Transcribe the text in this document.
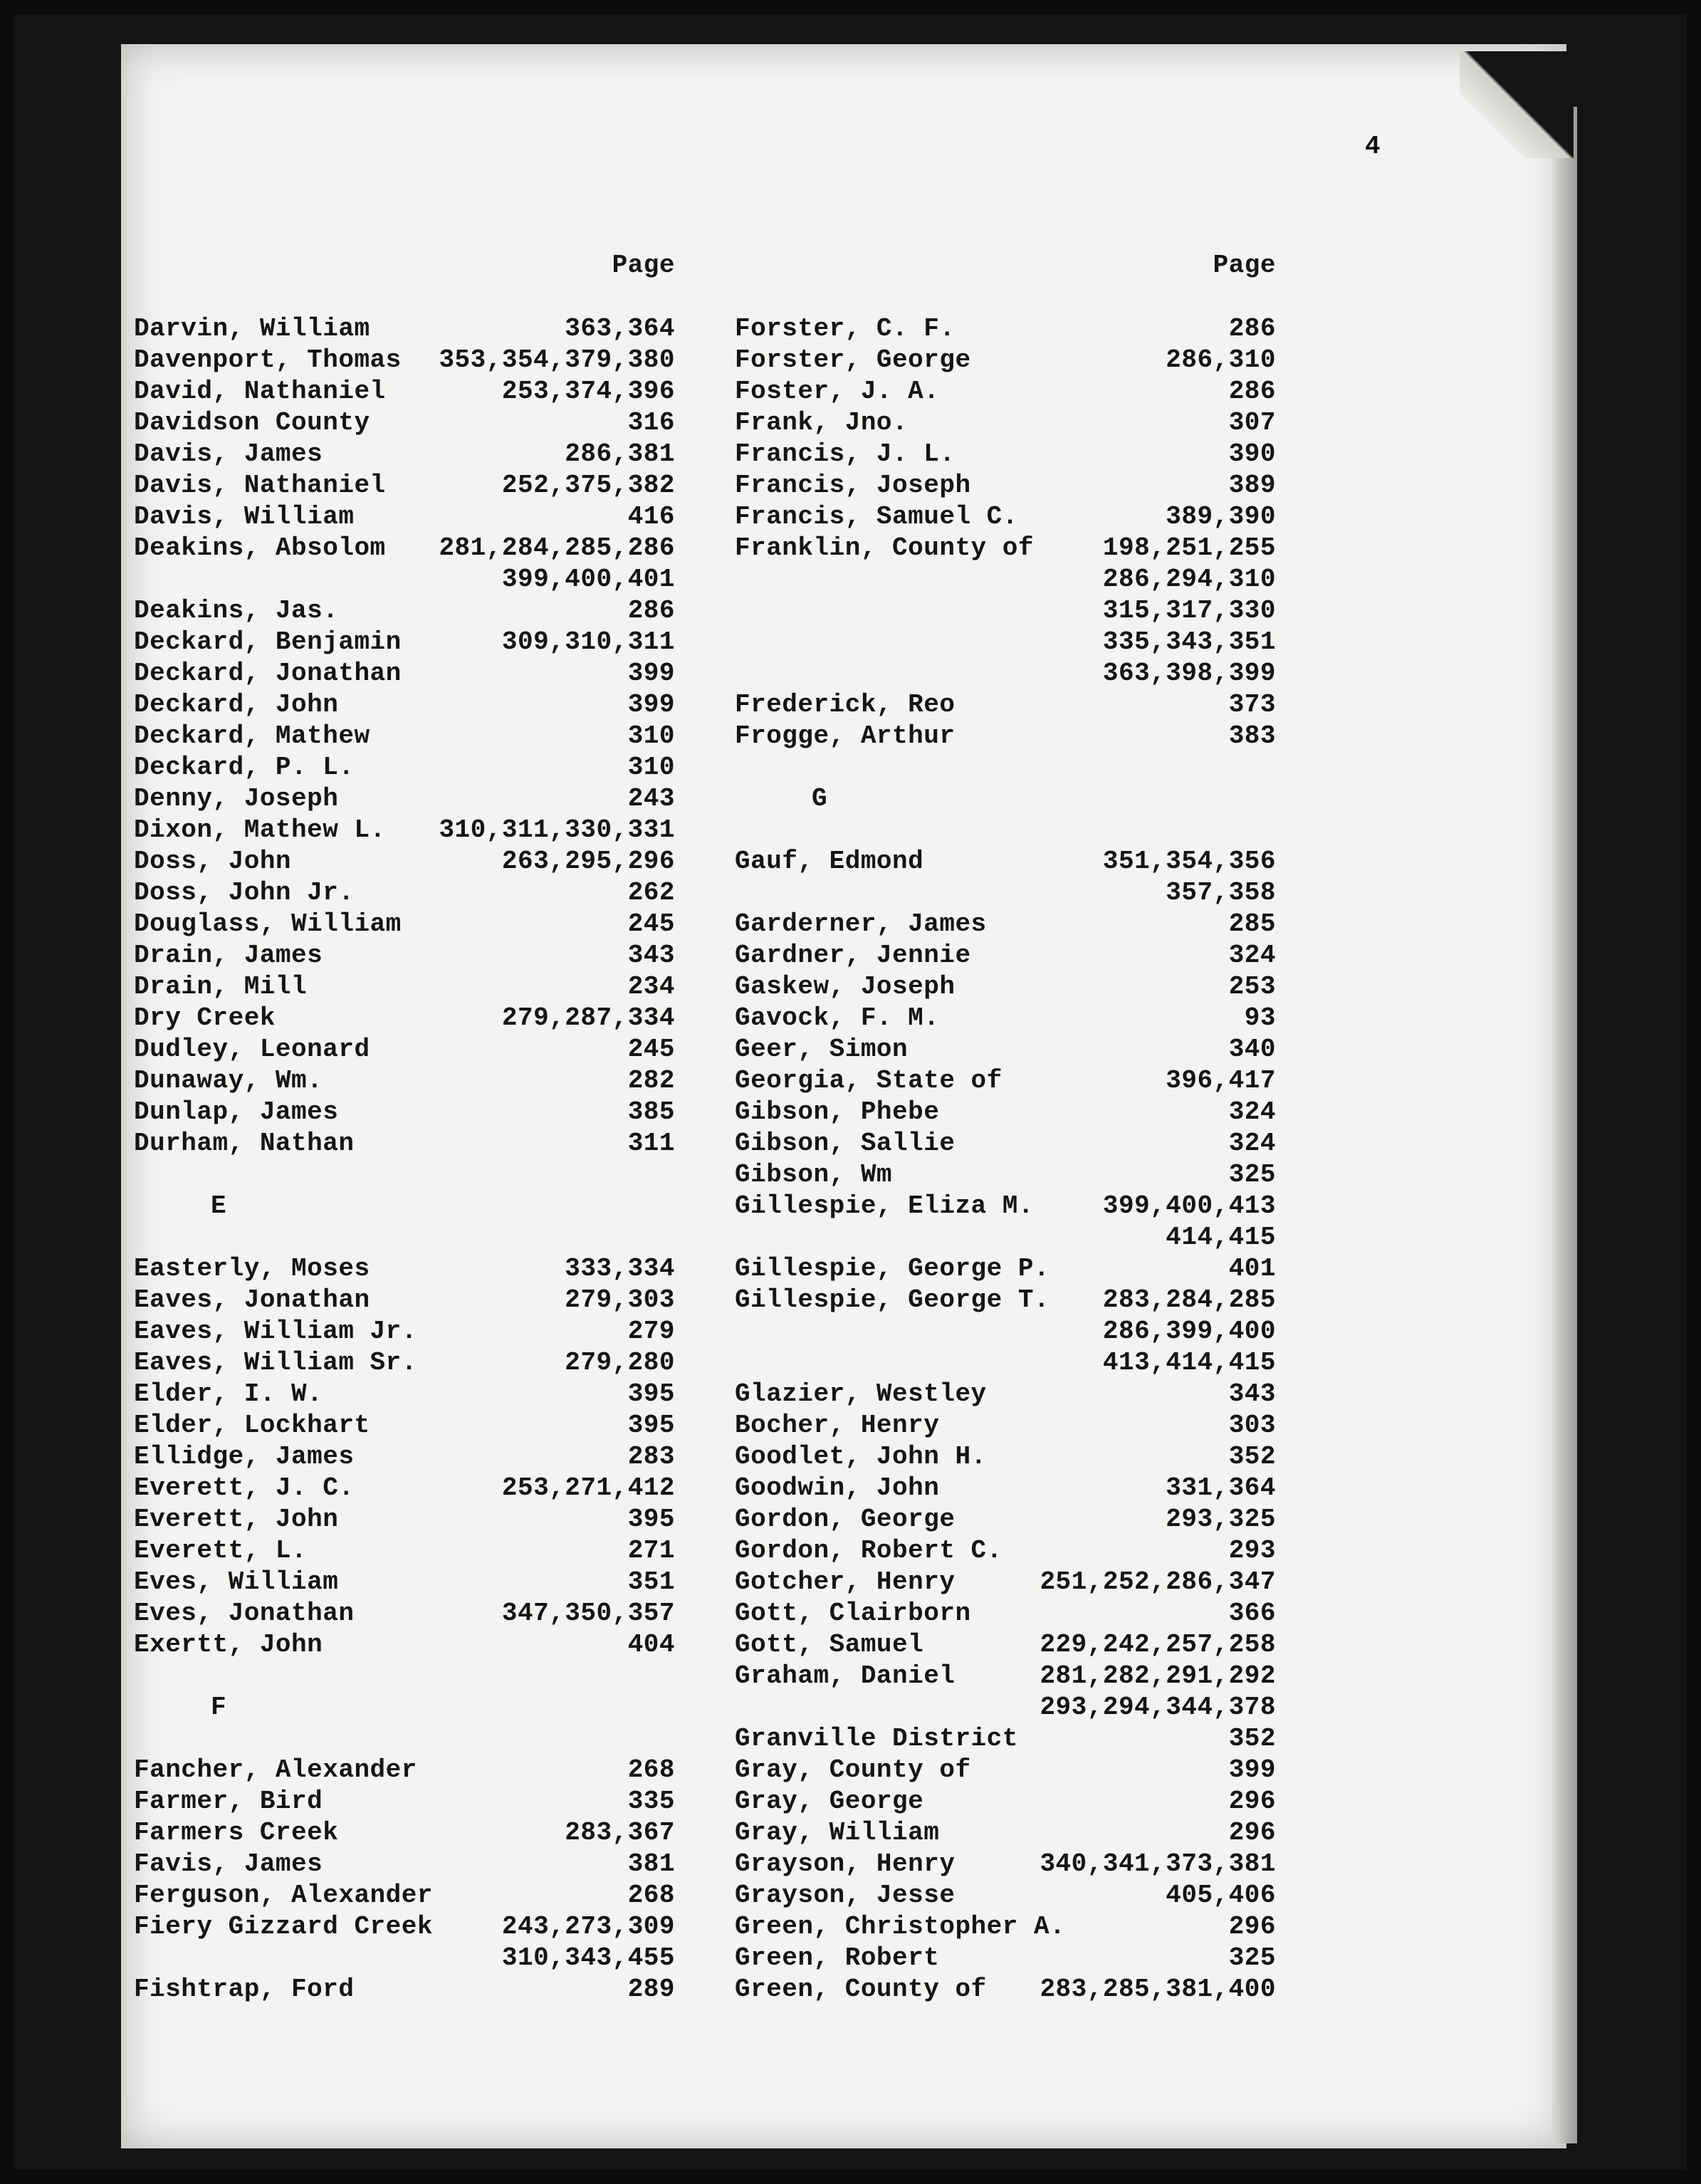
4
Page
Darvin, William	363,364
Davenport, Thomas 353,354,379,380
David, Nathaniel	253,374,396
Davidson County	316
Davis, James	286,381
Davis, Nathaniel	252,375,382
Davis, William	416
Deakins, Absolom 281,284,285,286
399,400,401
Deakins, Jas.	286
Deckard, Benjamin	309,310,311
Deckard, Jonathan	399
Deckard, John	399
Deckard, Mathew	310
Deckard, P. L.	310
Denny, Joseph	243
Dixon, Mathew L. 310,311,330,331
Doss, John	263,295,296
Doss, John Jr.	262
Douglass, William	245
Drain, James	343
Drain, Mill	234
Dry Creek	279,287,334
Dudley, Leonard	245
Dunaway, Wm.	282
Dunlap, James	385
Durham, Nathan	311
E
Easterly, Moses	333,334
Eaves, Jonathan	279,303
Eaves, William Jr.	279
Eaves, William Sr.	279,280
Elder, I. W.	395
Elder, Lockhart	395
Ellidge, James	283
Everett, J. C.	253,271,412
Everett, John	395
Everett, L.	271
Eves, William	351
Eves, Jonathan	347,350,357
Exertt, John	404
F
Fancher, Alexander	268
Farmer, Bird	335
Farmers Creek	283,367
Favis, James	381
Ferguson, Alexander	268
Fiery Gizzard Creek	243,273,309
310,343,455
Fishtrap, Ford	289
Page
Forster, C. F.	286
Forster, George	286,310
Foster, J. A.	286
Frank, Jno.	307
Francis, J. L.	390
Francis, Joseph	389
Francis, Samuel C.	389,390
Franklin, County of	198,251,255
286,294,310
315,317,330
335,343,351
363,398,399
Frederick, Reo	373
Frogge, Arthur	383
G
Gauf, Edmond	351,354,356
357,358
Garderner, James	285
Gardner, Jennie	324
Gaskew, Joseph	253
Gavock, F. M.	93
Geer, Simon	340
Georgia, State of	396,417
Gibson, Phebe	324
Gibson, Sallie	324
Gibson, Wm	325
Gillespie, Eliza M.	399,400,413
414,415
Gillespie, George P.	401
Gillespie, George T. 283,284,285
286,399,400
413,414,415
Glazier, Westley	343
Bocher, Henry	303
Goodlet, John H.	352
Goodwin, John	331,364
Gordon, George	293,325
Gordon, Robert C.	293
Gotcher, Henry	251,252,286,347
Gott, Clairborn	366
Gott, Samuel	229,242,257,258
Graham, Daniel	281,282,291,292
293,294,344,378
Granville District	352
Gray, County of	399
Gray, George	296
Gray, William	296
Grayson, Henry	340,341,373,381
Grayson, Jesse	405,406
Green, Christopher A.	296
Green, Robert	325
Green, County of 283,285,381,400
